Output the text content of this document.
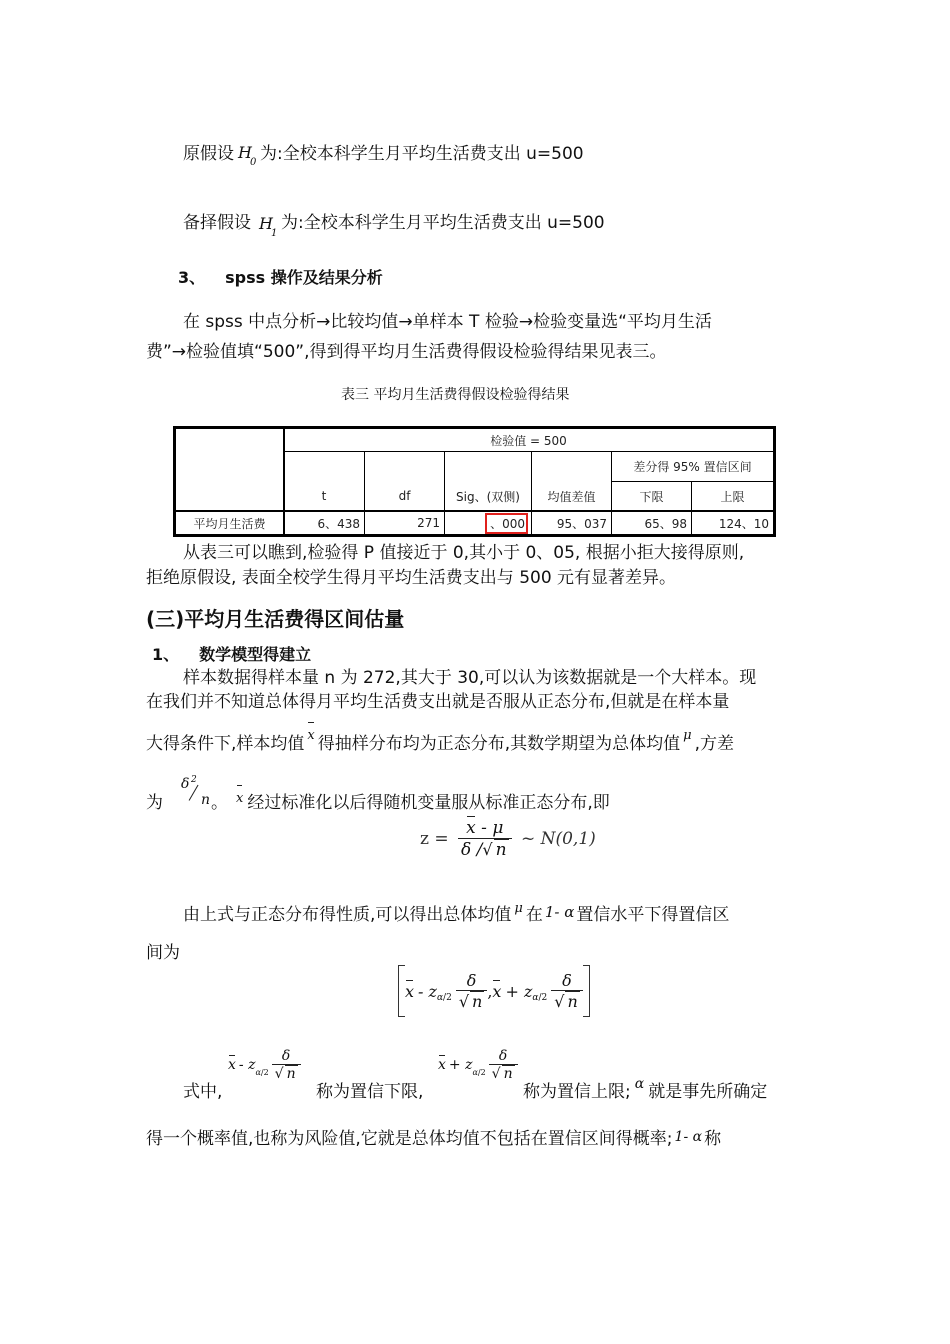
原假设 H
0 为:全校本科学生月平均生活费支出 u=500
备择假设 H
1
为:全校本科学生月平均生活费支出 u=500
3、 spss 操作及结果分析
在 spss 中点分析→比较均值→单样本 T 检验→检验变量选“平均月生活
费”→检验值填“500”,得到得平均月生活费得假设检验得结果见表三。
表三 平均月生活费得假设检验得结果
检验值 = 500
差分得 95% 置信区间
t	df	Sig、(双侧)	均值差值	下限	上限
平均月生活费	6、438	271	、000	95、037	65、98	124、10
从表三可以瞧到,检验得 P 值接近于 0,其小于 0、05, 根据小拒大接得原则,
拒绝原假设, 表面全校学生得月平均生活费支出与 500 元有显著差异。
(三)平均月生活费得区间估量
1、 数学模型得建立
样本数据得样本量 n 为 272,其大于 30,可以认为该数据就是一个大样本。现
在我们并不知道总体得月平均生活费支出就是否服从正态分布,但就是在样本量
大得条件下,样本均值 x 得抽样分布均为正态分布,其数学期望为总体均值 $^\mu$ ,方差
为
δ 2
n 。 x 经过标准化以后得随机变量服从标准正态分布,即
$z = \frac{x - \mu}{\delta /√ n}$ ~ N(0,1)
由上式与正态分布得性质,可以得出总体均值 $^\mu$ 在 1- α 置信水平下得置信区
间为
x - z $\alpha/2 \frac{\delta}{√ n}$ , x + z $\alpha/2 \frac{\delta}{√ n}$
x - z $\alpha/2 \frac{\delta}{√ n}$	x + z $\alpha/2 \frac{\delta}{√ n}$
式中,	称为置信下限,	称为置信上限; $^\alpha$ 就是事先所确定
得一个概率值,也称为风险值,它就是总体均值不包括在置信区间得概率; 1- α 称
